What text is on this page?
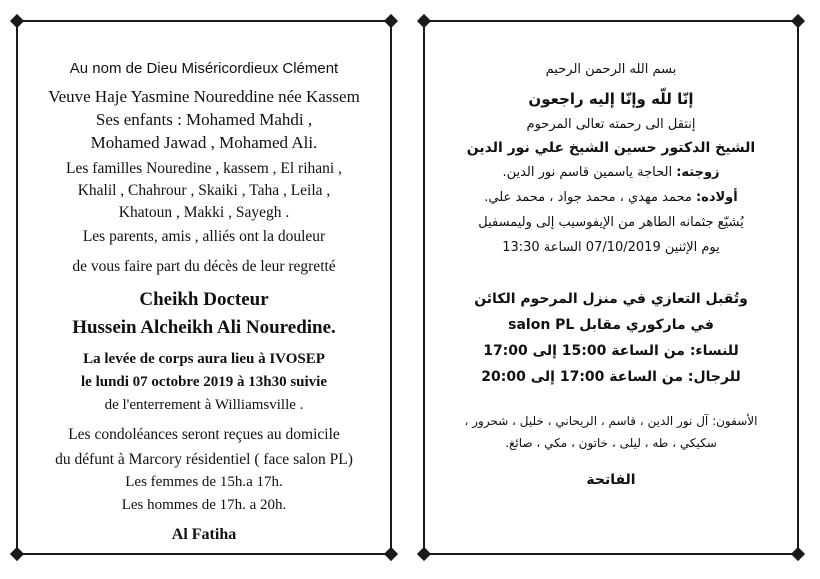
Au nom de Dieu Miséricordieux Clément
Veuve Haje Yasmine Noureddine née Kassem
Ses enfants : Mohamed Mahdi ,
Mohamed Jawad , Mohamed Ali.
Les familles Nouredine , kassem , El rihani ,
Khalil , Chahrour , Skaiki , Taha , Leila ,
Khatoun , Makki , Sayegh .
Les parents, amis , alliés ont la douleur
de vous faire part du décès de leur regretté
Cheikh Docteur
Hussein Alcheikh Ali Nouredine.
La levée de corps aura lieu à IVOSEP
le lundi 07 octobre 2019 à 13h30 suivie
de l'enterrement à Williamsville .
Les condoléances seront reçues au domicile
du défunt à Marcory résidentiel ( face salon PL)
Les femmes de 15h.a 17h.
Les hommes de 17h. a 20h.
Al Fatiha
بسم الله الرحمن الرحيم
إنّا للّه وإنّا إليه راجعون
إنتقل الى رحمته تعالى المرحوم
الشيخ الدكتور حسين الشيخ علي نور الدين
زوجته: الحاجة ياسمين قاسم نور الدين.
أولاده: محمد مهدي ، محمد جواد ، محمد علي.
يُشيّع جثمانه الطاهر من الإيفوسيب إلى وليمسفيل
يوم الإثنين 07/10/2019 الساعة 13:30
وتُقبل التعازي في منزل المرحوم الكائن
في ماركوري مقابل salon PL
للنساء: من الساعة 15:00 إلى 17:00
للرجال: من الساعة 17:00 إلى 20:00
الأسفون: آل نور الدين ، قاسم ، الريحاني ، خليل ، شحرور ،
سكيكي ، طه ، ليلى ، خاتون ، مكي ، صائغ.
الفاتحة
